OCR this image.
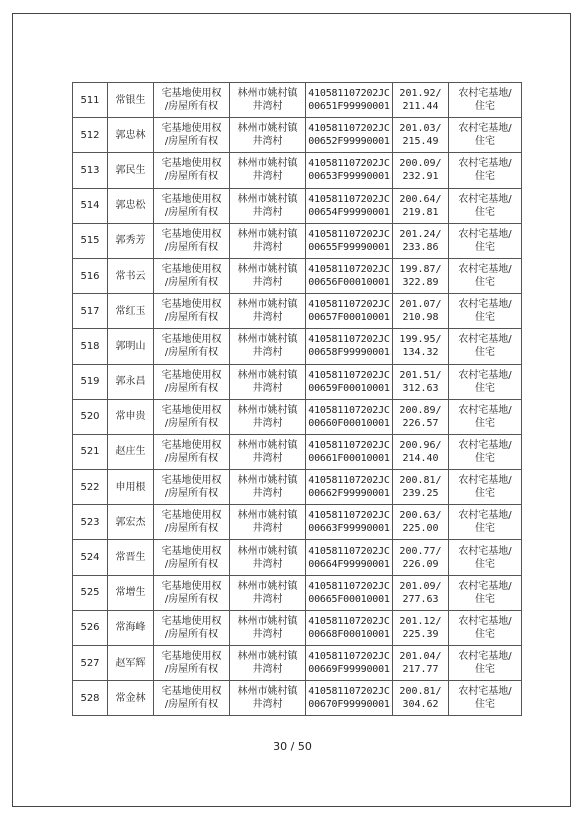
511	常银生	宅基地使用权
/房屋所有权	林州市姚村镇
井湾村	410581107202JC
00651F99990001	201.92/
211.44	农村宅基地/
住宅

512	郭忠林	宅基地使用权
/房屋所有权	林州市姚村镇
井湾村	410581107202JC
00652F99990001	201.03/
215.49	农村宅基地/
住宅

513	郭民生	宅基地使用权
/房屋所有权	林州市姚村镇
井湾村	410581107202JC
00653F99990001	200.09/
232.91	农村宅基地/
住宅

514	郭忠松	宅基地使用权
/房屋所有权	林州市姚村镇
井湾村	410581107202JC
00654F99990001	200.64/
219.81	农村宅基地/
住宅

515	郭秀芳	宅基地使用权
/房屋所有权	林州市姚村镇
井湾村	410581107202JC
00655F99990001	201.24/
233.86	农村宅基地/
住宅

516	常书云	宅基地使用权
/房屋所有权	林州市姚村镇
井湾村	410581107202JC
00656F00010001	199.87/
322.89	农村宅基地/
住宅

517	常红玉	宅基地使用权
/房屋所有权	林州市姚村镇
井湾村	410581107202JC
00657F00010001	201.07/
210.98	农村宅基地/
住宅

518	郭明山	宅基地使用权
/房屋所有权	林州市姚村镇
井湾村	410581107202JC
00658F99990001	199.95/
134.32	农村宅基地/
住宅

519	郭永昌	宅基地使用权
/房屋所有权	林州市姚村镇
井湾村	410581107202JC
00659F00010001	201.51/
312.63	农村宅基地/
住宅

520	常申贵	宅基地使用权
/房屋所有权	林州市姚村镇
井湾村	410581107202JC
00660F00010001	200.89/
226.57	农村宅基地/
住宅

521	赵庄生	宅基地使用权
/房屋所有权	林州市姚村镇
井湾村	410581107202JC
00661F00010001	200.96/
214.40	农村宅基地/
住宅

522	申用根	宅基地使用权
/房屋所有权	林州市姚村镇
井湾村	410581107202JC
00662F99990001	200.81/
239.25	农村宅基地/
住宅

523	郭宏杰	宅基地使用权
/房屋所有权	林州市姚村镇
井湾村	410581107202JC
00663F99990001	200.63/
225.00	农村宅基地/
住宅

524	常晋生	宅基地使用权
/房屋所有权	林州市姚村镇
井湾村	410581107202JC
00664F99990001	200.77/
226.09	农村宅基地/
住宅

525	常增生	宅基地使用权
/房屋所有权	林州市姚村镇
井湾村	410581107202JC
00665F00010001	201.09/
277.63	农村宅基地/
住宅

526	常海峰	宅基地使用权
/房屋所有权	林州市姚村镇
井湾村	410581107202JC
00668F00010001	201.12/
225.39	农村宅基地/
住宅

527	赵军辉	宅基地使用权
/房屋所有权	林州市姚村镇
井湾村	410581107202JC
00669F99990001	201.04/
217.77	农村宅基地/
住宅

528	常金林	宅基地使用权
/房屋所有权	林州市姚村镇
井湾村	410581107202JC
00670F99990001	200.81/
304.62	农村宅基地/
住宅
30 / 50
